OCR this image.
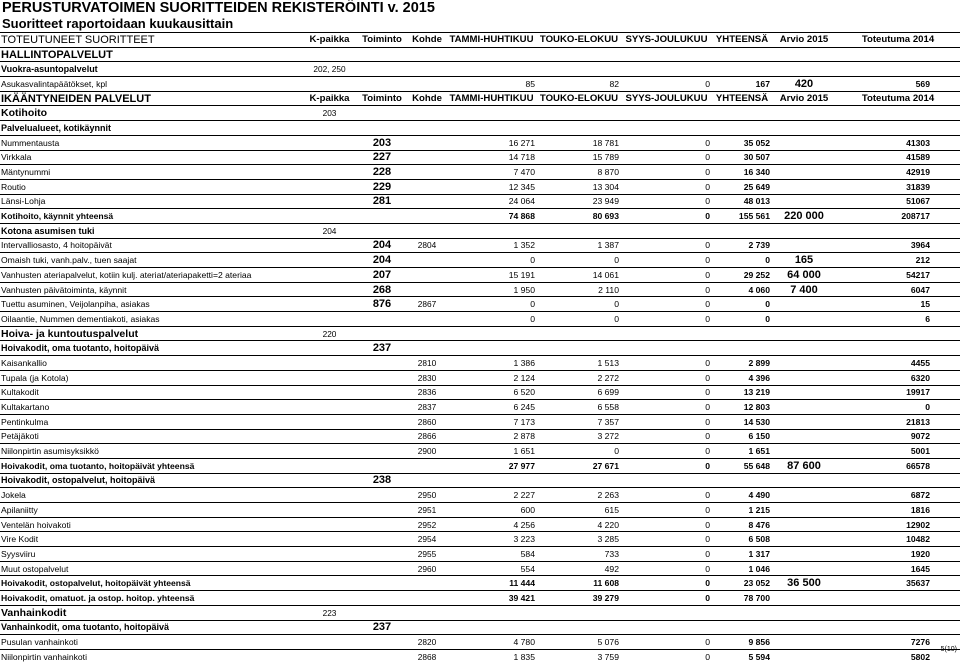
PERUSTURVATOIMEN SUORITTEIDEN REKISTERÖINTI v. 2015
Suoritteet raportoidaan kuukausittain
TOTEUTUNEET SUORITTEET	K-paikka	Toiminto	Kohde	TAMMI-HUHTIKUU	TOUKO-ELOKUU	SYYS-JOULUKUU	YHTEENSÄ	Arvio 2015	Toteutuma 2014
HALLINTOPALVELUT									
Vuokra-asuntopalvelut	202, 250								
Asukasvalintapäätökset, kpl				85	82	0	167	420	569
IKÄÄNTYNEIDEN PALVELUT	K-paikka	Toiminto	Kohde	TAMMI-HUHTIKUU	TOUKO-ELOKUU	SYYS-JOULUKUU	YHTEENSÄ	Arvio 2015	Toteutuma 2014
Kotihoito	203								
Palvelualueet, kotikäynnit									
Nummentausta		203		16 271	18 781	0	35 052		41303
Virkkala		227		14 718	15 789	0	30 507		41589
Mäntynummi		228		7 470	8 870	0	16 340		42919
Routio		229		12 345	13 304	0	25 649		31839
Länsi-Lohja		281		24 064	23 949	0	48 013		51067
Kotihoito, käynnit yhteensä				74 868	80 693	0	155 561	220 000	208717
Kotona asumisen tuki	204								
Intervalliosasto, 4 hoitopäivät		204	2804	1 352	1 387	0	2 739		3964
Omaish tuki, vanh.palv., tuen saajat		204		0	0	0	0	165	212
Vanhusten ateriapalvelut, kotiin kulj. ateriat/ateriapaketti=2 ateriaa		207		15 191	14 061	0	29 252	64 000	54217
Vanhusten päivätoiminta, käynnit		268		1 950	2 110	0	4 060	7 400	6047
Tuettu asuminen, Veijolanpiha, asiakas		876	2867	0	0	0	0		15
Oilaantie, Nummen dementiakoti, asiakas				0	0	0	0		6
Hoiva- ja kuntoutuspalvelut	220								
Hoivakodit, oma tuotanto, hoitopäivä		237							
Kaisankallio			2810	1 386	1 513	0	2 899		4455
Tupala (ja Kotola)			2830	2 124	2 272	0	4 396		6320
Kultakodit			2836	6 520	6 699	0	13 219		19917
Kultakartano			2837	6 245	6 558	0	12 803		0
Pentinkulma			2860	7 173	7 357	0	14 530		21813
Petäjäkoti			2866	2 878	3 272	0	6 150		9072
Niilonpirtin asumisyksikkö			2900	1 651	0	0	1 651		5001
Hoivakodit, oma tuotanto, hoitopäivät yhteensä				27 977	27 671	0	55 648	87 600	66578
Hoivakodit, ostopalvelut, hoitopäivä		238							
Jokela			2950	2 227	2 263	0	4 490		6872
Apilaniitty			2951	600	615	0	1 215		1816
Ventelän hoivakoti			2952	4 256	4 220	0	8 476		12902
Vire Kodit			2954	3 223	3 285	0	6 508		10482
Syysviiru			2955	584	733	0	1 317		1920
Muut ostopalvelut			2960	554	492	0	1 046		1645
Hoivakodit, ostopalvelut, hoitopäivät yhteensä				11 444	11 608	0	23 052	36 500	35637
Hoivakodit, omatuot. ja ostop. hoitop. yhteensä				39 421	39 279	0	78 700		
Vanhainkodit	223								
Vanhainkodit, oma tuotanto, hoitopäivä		237							
Pusulan vanhainkoti			2820	4 780	5 076	0	9 856		7276
Niilonpirtin vanhainkoti			2868	1 835	3 759	0	5 594		5802
5(10)
